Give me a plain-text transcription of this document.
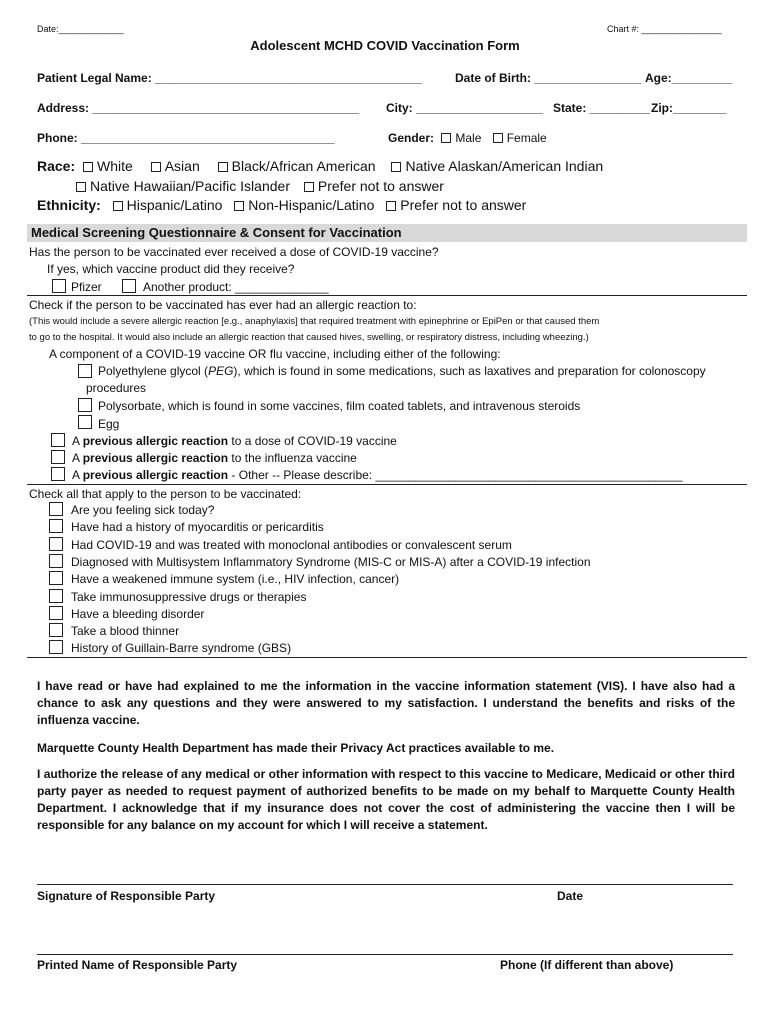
Date:_____________	Chart #: ________________
Adolescent MCHD COVID Vaccination Form
Patient Legal Name: ________________________________________	Date of Birth: ________________ Age:_________
Address: ________________________________________ City: ___________________ State: _________ Zip:________
Phone: ______________________________________	Gender: Male Female
Race: White Asian Black/African American Native Alaskan/American Indian
Native Hawaiian/Pacific Islander Prefer not to answer
Ethnicity: Hispanic/Latino Non-Hispanic/Latino Prefer not to answer
Medical Screening Questionnaire & Consent for Vaccination
Has the person to be vaccinated ever received a dose of COVID-19 vaccine?
If yes, which vaccine product did they receive?
Pfizer	Another product: ______________
Check if the person to be vaccinated has ever had an allergic reaction to:
(This would include a severe allergic reaction [e.g., anaphylaxis] that required treatment with epinephrine or EpiPen or that caused them
to go to the hospital. It would also include an allergic reaction that caused hives, swelling, or respiratory distress, including wheezing.)
A component of a COVID-19 vaccine OR flu vaccine, including either of the following:
Polyethylene glycol (PEG), which is found in some medications, such as laxatives and preparation for colonoscopy
procedures
Polysorbate, which is found in some vaccines, film coated tablets, and intravenous steroids
Egg
A previous allergic reaction to a dose of COVID-19 vaccine
A previous allergic reaction to the influenza vaccine
A previous allergic reaction - Other -- Please describe: ______________________________________________
Check all that apply to the person to be vaccinated:
Are you feeling sick today?
Have had a history of myocarditis or pericarditis
Had COVID-19 and was treated with monoclonal antibodies or convalescent serum
Diagnosed with Multisystem Inflammatory Syndrome (MIS-C or MIS-A) after a COVID-19 infection
Have a weakened immune system (i.e., HIV infection, cancer)
Take immunosuppressive drugs or therapies
Have a bleeding disorder
Take a blood thinner
History of Guillain-Barre syndrome (GBS)
I have read or have had explained to me the information in the vaccine information statement (VIS). I have also had a chance to ask any questions and they were answered to my satisfaction. I understand the benefits and risks of the influenza vaccine.
Marquette County Health Department has made their Privacy Act practices available to me.
I authorize the release of any medical or other information with respect to this vaccine to Medicare, Medicaid or other third party payer as needed to request payment of authorized benefits to be made on my behalf to Marquette County Health Department. I acknowledge that if my insurance does not cover the cost of administering the vaccine then I will be responsible for any balance on my account for which I will receive a statement.
Signature of Responsible Party	Date
Printed Name of Responsible Party	Phone (If different than above)
